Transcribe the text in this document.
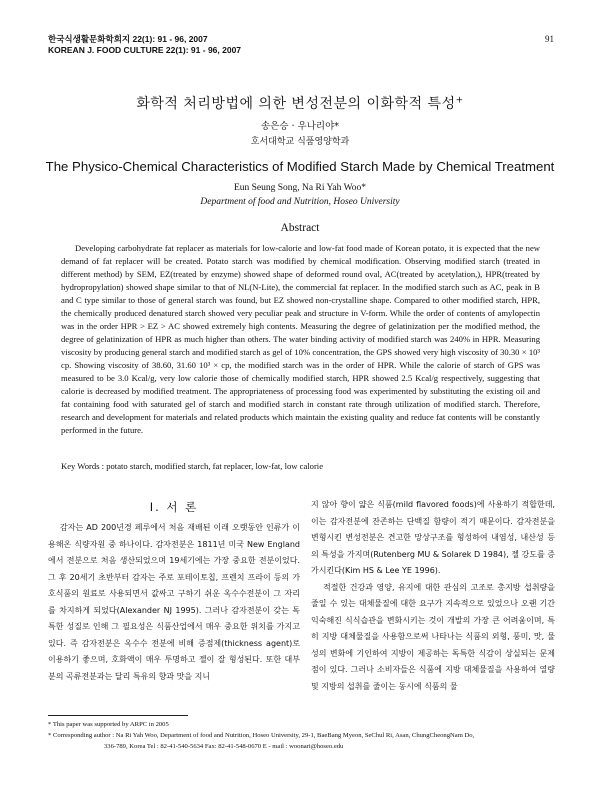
한국식생활문화학회지 22(1): 91 - 96, 2007
KOREAN J. FOOD CULTURE 22(1): 91 - 96, 2007
91
화학적 처리방법에 의한 변성전분의 이화학적 특성+
송은승 · 우나리야*
호서대학교 식품영양학과
The Physico-Chemical Characteristics of Modified Starch Made by Chemical Treatment
Eun Seung Song, Na Ri Yah Woo*
Department of food and Nutrition, Hoseo University
Abstract

Developing carbohydrate fat replacer as materials for low-calorie and low-fat food made of Korean potato, it is expected that the new demand of fat replacer will be created. Potato starch was modified by chemical modification. Observing modified starch (treated in different method) by SEM, EZ(treated by enzyme) showed shape of deformed round oval, AC(treated by acetylation,), HPR(treated by hydropropylation) showed shape similar to that of NL(N-Lite), the commercial fat replacer. In the modified starch such as AC, peak in B and C type similar to those of general starch was found, but EZ showed non-crystalline shape. Compared to other modified starch, HPR, the chemically produced denatured starch showed very peculiar peak and structure in V-form. While the order of contents of amylopectin was in the order HPR > EZ > AC showed extremely high contents. Measuring the degree of gelatinization per the modified method, the degree of gelatinization of HPR as much higher than others. The water binding activity of modified starch was 240% in HPR. Measuring viscosity by producing general starch and modified starch as gel of 10% concentration, the GPS showed very high viscosity of 30.30 × 10³ cp. Showing viscosity of 38.60, 31.60 10³ × cp, the modified starch was in the order of HPR. While the calorie of starch of GPS was measured to be 3.0 Kcal/g, very low calorie those of chemically modified starch, HPR showed 2.5 Kcal/g respectively, suggesting that calorie is decreased by modified treatment. The appropriateness of processing food was experimented by substituting the existing oil and fat containing food with saturated gel of starch and modified starch in constant rate through utilization of modified starch. Therefore, research and development for materials and related products which maintain the existing quality and reduce fat contents will be constantly performed in the future.

Key Words : potato starch, modified starch, fat replacer, low-fat, low calorie
I. 서 론

감자는 AD 200년경 페루에서 처음 재배된 이래 오랫동안 인류가 이용해온 식량자원 중 하나이다. 감자전분은 1811년 미국 New England에서 전분으로 처음 생산되었으며 19세기에는 가장 중요한 전분이었다. 그 후 20세기 초반부터 감자는 주로 포테이토칩, 프렌치 프라이 등의 가호식품의 원료로 사용되면서 값싸고 구하기 쉬운 옥수수전분이 그 자리를 차지하게 되었다(Alexander NJ 1995). 그러나 감자전분이 갖는 독특한 성질로 인해 그 필요성은 식품산업에서 매우 중요한 위치를 가지고 있다. 즉 감자전분은 옥수수 전분에 비해 증점제(thickness agent)로 이용하기 좋으며, 호화액이 매우 투명하고 젤이 잘 형성된다. 또한 대부분의 곡류전분과는 달리 특유의 향과 맛을 지니

지 않아 향이 얇은 식품(mild flavored foods)에 사용하기 적합한데, 이는 감자전분에 잔존하는 단백질 함량이 적기 때문이다. 감자전분을 변형시킨 변성전분은 견고한 망상구조를 형성하여 내염성, 내산성 등의 특성을 가지며(Rutenberg MU & Solarek D 1984), 젤 강도를 증가시킨다(Kim HS & Lee YE 1996).

적절한 건강과 영양, 유지에 대한 관심의 고조로 총지방 섭취량을 줄일 수 있는 대체물질에 대한 요구가 지속적으로 있었으나 오랜 기간 익숙해진 식식습관을 변화시키는 것이 개발의 가장 큰 어려움이며, 특히 지방 대체물질을 사용함으로써 나타나는 식품의 외형, 풍미, 맛, 물성의 변화에 기인하여 지방이 제공하는 독특한 식감이 상실되는 문제점이 있다. 그러나 소비자들은 식품에 지방 대체물질을 사용하여 열량 및 지방의 섭취를 줄이는 동시에 식품의 물

* This paper was supported by ARPC in 2005
* Corresponding author : Na Ri Yah Woo, Department of food and Nutrition, Hoseo University, 29-1, BaeBang Myeon, SeChul Ri, Asan, ChungCheongNam Do,
336-789, Korea Tel : 82-41-540-5634 Fax: 82-41-548-0670 E - mail : woonari@hoseo.edu
